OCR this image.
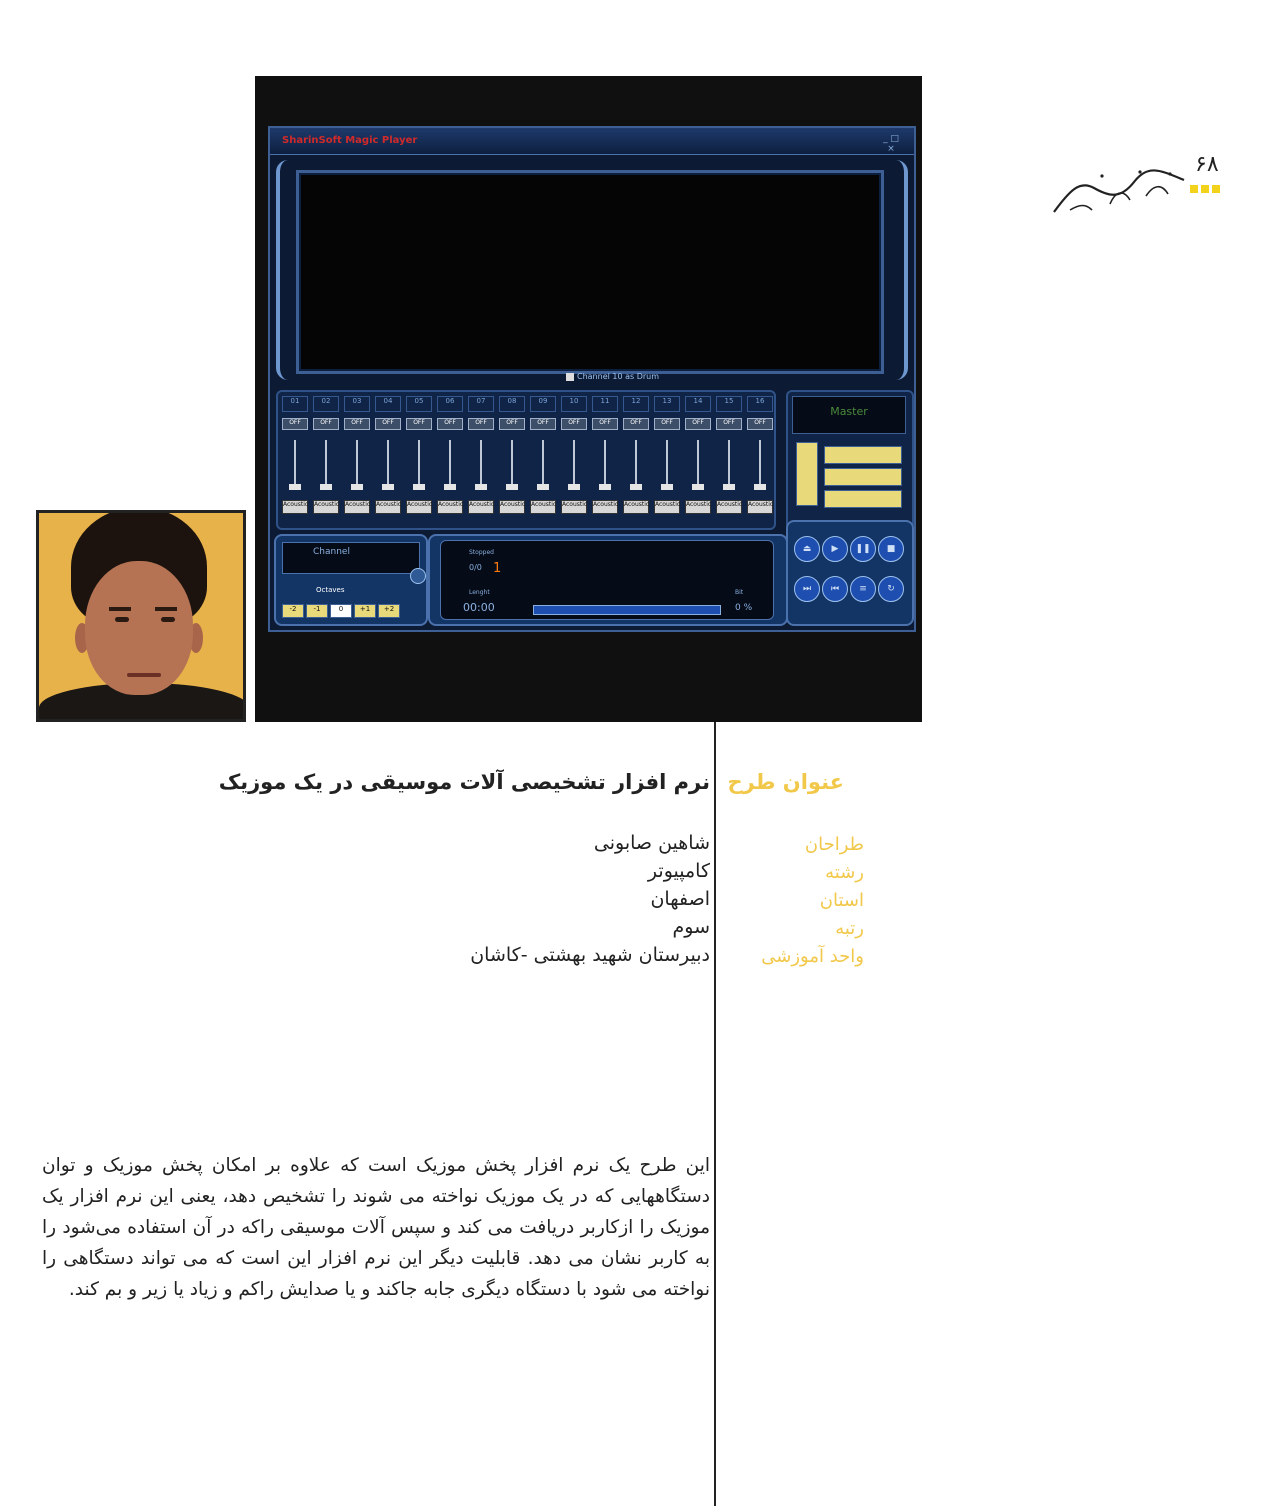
۶۸
SharinSoft Magic Player	_ □ ×
Channel 10 as Drum
01
OFF
Acoustic
02
OFF
Acoustic
03
OFF
Acoustic
04
OFF
Acoustic
05
OFF
Acoustic
06
OFF
Acoustic
07
OFF
Acoustic
08
OFF
Acoustic
09
OFF
Acoustic
10
OFF
Acoustic
11
OFF
Acoustic
12
OFF
Acoustic
13
OFF
Acoustic
14
OFF
Acoustic
15
OFF
Acoustic
16
OFF
Acoustic
Master
Channel
Octaves
-2 -1	0 +1 +2
Stopped
0/0 1
Lenght
00:00
Bit
0 %
⏏	▶	❚❚	■
⏭	⏮	≡	↻
عنوان طرح
نرم افزار تشخیصی آلات موسیقی در یک موزیک
طراحان
شاهین صابونی
رشته
کامپیوتر
استان
اصفهان
رتبه
سوم
واحد آموزشی
دبیرستان شهید بهشتی -کاشان
این طرح یک نرم افزار پخش موزیک است که علاوه بر امکان پخش موزیک و توان دستگاههایی که در یک موزیک نواخته می شوند را تشخیص دهد، یعنی این نرم افزار یک موزیک را ازکاربر دریافت می کند و سپس آلات موسیقی راکه در آن استفاده می‌شود را به کاربر نشان می دهد. قابلیت دیگر این نرم افزار این است که می تواند دستگاهی را نواخته می شود با دستگاه دیگری جابه جاکند و یا صدایش راکم و زیاد یا زیر و بم کند.
